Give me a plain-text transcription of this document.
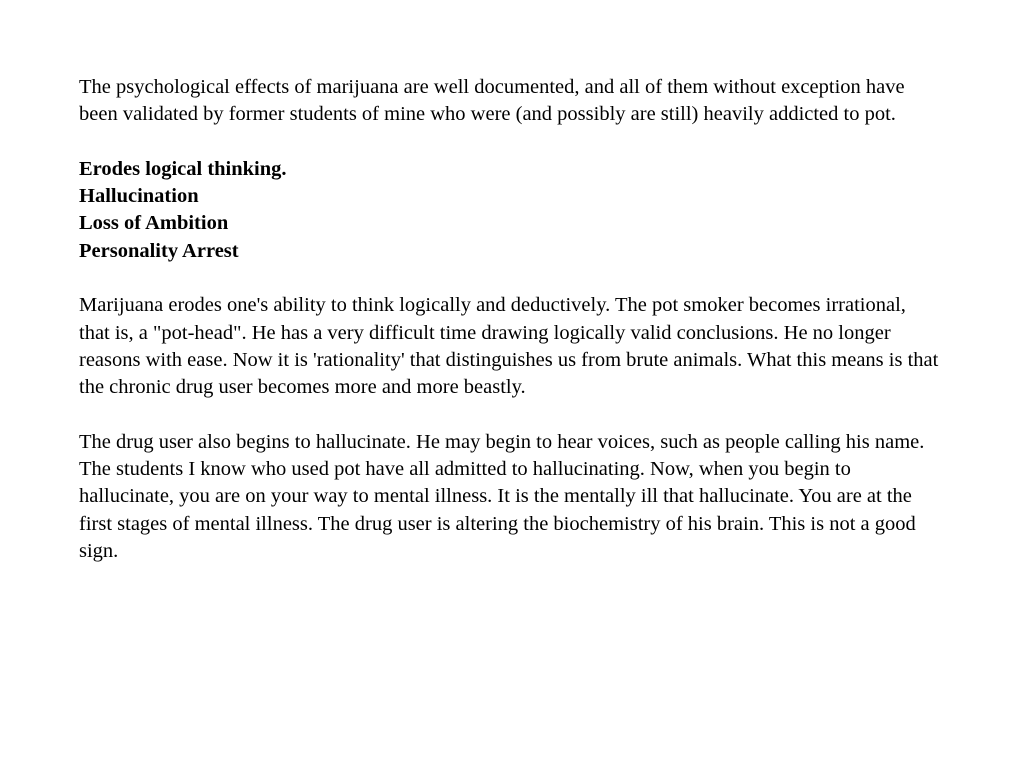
The psychological effects of marijuana are well documented, and all of them without exception have been validated by former students of mine who were (and possibly are still) heavily addicted to pot.

Erodes logical thinking.

Hallucination

Loss of Ambition

Personality Arrest

Marijuana erodes one's ability to think logically and deductively. The pot smoker becomes irrational, that is, a "pot-head". He has a very difficult time drawing logically valid conclusions. He no longer reasons with ease. Now it is 'rationality' that distinguishes us from brute animals. What this means is that the chronic drug user becomes more and more beastly.

The drug user also begins to hallucinate. He may begin to hear voices, such as people calling his name. The students I know who used pot have all admitted to hallucinating. Now, when you begin to hallucinate, you are on your way to mental illness. It is the mentally ill that hallucinate. You are at the first stages of mental illness. The drug user is altering the biochemistry of his brain. This is not a good sign.
